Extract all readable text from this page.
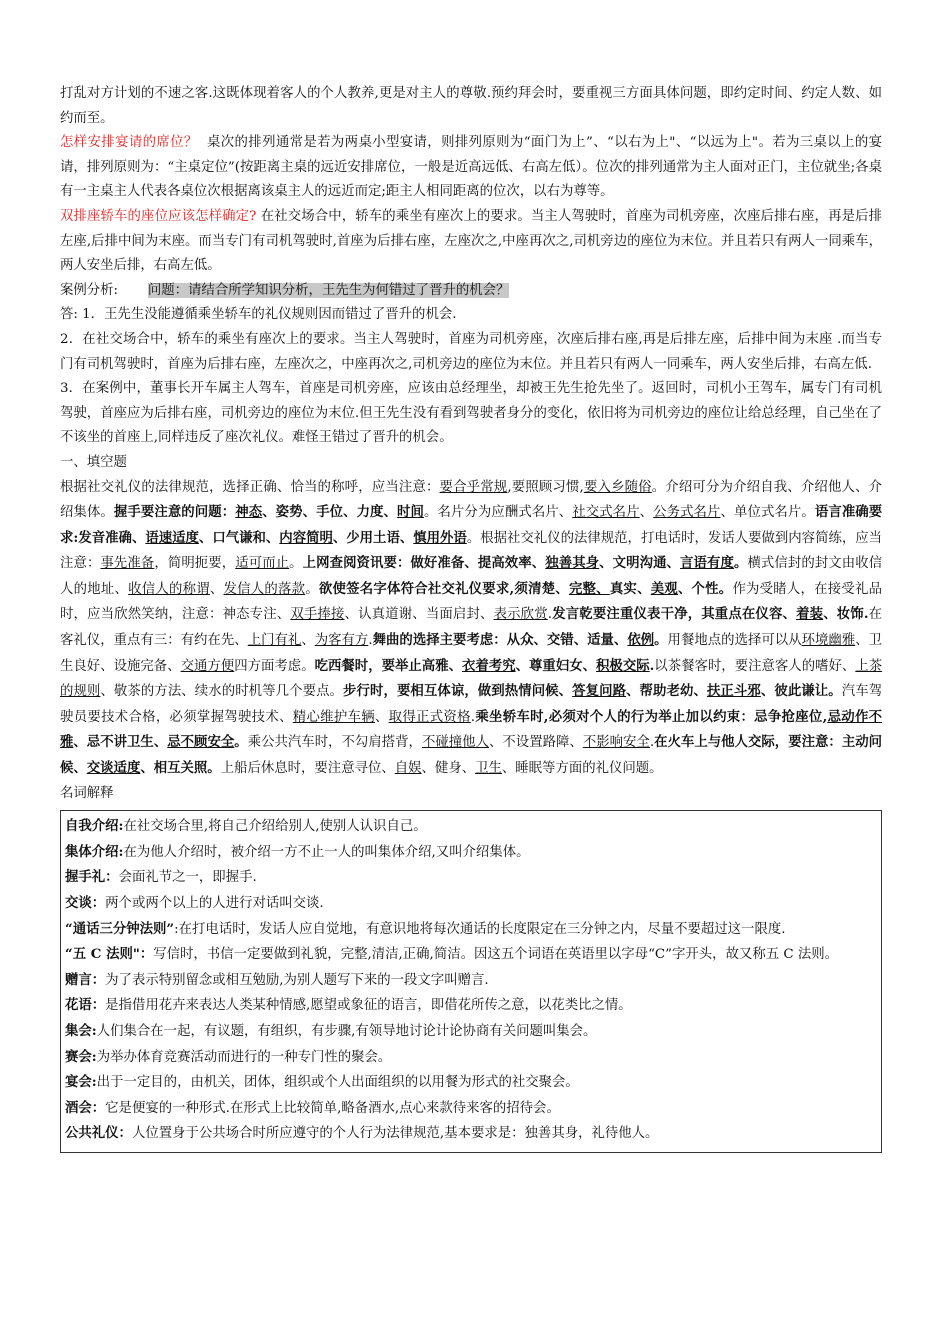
打乱对方计划的不速之客.这既体现着客人的个人教养,更是对主人的尊敬.预约拜会时，要重视三方面具体问题，即约定时间、约定人数、如约而至。

怎样安排宴请的席位？ 桌次的排列通常是若为两桌小型宴请，则排列原则为“面门为上”、“以右为上"、“以远为上"。若为三桌以上的宴请，排列原则为：“主桌定位”(按距离主桌的远近安排席位，一般是近高远低、右高左低）。位次的排列通常为主人面对正门，主位就坐;各桌有一主桌主人代表各桌位次根据离该桌主人的远近而定;距主人相同距离的位次，以右为尊等。

双排座轿车的座位应该怎样确定? 在社交场合中，轿车的乘坐有座次上的要求。当主人驾驶时，首座为司机旁座，次座后排右座，再是后排左座,后排中间为末座。而当专门有司机驾驶时,首座为后排右座，左座次之,中座再次之,司机旁边的座位为末位。并且若只有两人一同乘车，两人安坐后排，右高左低。

案例分析: 问题：请结合所学知识分析，王先生为何错过了晋升的机会？

答: 1．王先生没能遵循乘坐轿车的礼仪规则因而错过了晋升的机会.

2．在社交场合中，轿车的乘坐有座次上的要求。当主人驾驶时，首座为司机旁座，次座后排右座,再是后排左座，后排中间为末座 .而当专门有司机驾驶时，首座为后排右座，左座次之，中座再次之,司机旁边的座位为末位。并且若只有两人一同乘车，两人安坐后排，右高左低.

3．在案例中，董事长开车属主人驾车，首座是司机旁座，应该由总经理坐，却被王先生抢先坐了。返回时，司机小王驾车，属专门有司机驾驶，首座应为后排右座，司机旁边的座位为末位.但王先生没有看到驾驶者身分的变化，依旧将为司机旁边的座位让给总经理，自己坐在了不该坐的首座上,同样违反了座次礼仪。难怪王错过了晋升的机会。

一、填空题

根据社交礼仪的法律规范，选择正确、恰当的称呼，应当注意：要合乎常规,要照顾习惯,要入乡随俗。介绍可分为介绍自我、介绍他人、介绍集体。握手要注意的问题：神态、姿势、手位、力度、时间。名片分为应酬式名片、社交式名片、公务式名片、单位式名片。语言准确要求:发音准确、语速适度、口气谦和、内容简明、少用土语、慎用外语。根据社交礼仪的法律规范，打电话时，发话人要做到内容简练，应当注意：事先准备，简明扼要，适可而止。上网查阅资讯要：做好准备、提高效率、独善其身、文明沟通、言语有度。横式信封的封文由收信人的地址、收信人的称谓、发信人的落款。欲使签名字体符合社交礼仪要求,须清楚、完整、真实、美观、个性。作为受睹人，在接受礼品时，应当欣然笑纳，注意：神态专注、双手捧接、认真道谢、当面启封、表示欣赏.发言乾要注重仪表干净，其重点在仪容、着装、妆饰.在客礼仪，重点有三：有约在先、上门有礼、为客有方.舞曲的选择主要考虑：从众、交错、适量、依例。用餐地点的选择可以从环境幽雅、卫生良好、设施完备、交通方便四方面考虑。吃西餐时，要举止高雅、衣着考究、尊重妇女、积极交际.以茶餐客时，要注意客人的嗜好、上茶的规则、敬茶的方法、续水的时机等几个要点。步行时，要相互体谅，做到热情问候、答复问路、帮助老幼、扶正斗邪、彼此谦让。汽车驾驶员要技术合格，必须掌握驾驶技术、精心维护车辆、取得正式资格.乘坐轿车时,必须对个人的行为举止加以约束：忌争抢座位,忌动作不雅、忌不讲卫生、忌不顾安全。乘公共汽车时，不勾肩搭背，不碰撞他人、不设置路障、不影响安全.在火车上与他人交际，要注意：主动问候、交谈适度、相互关照。上船后休息时，要注意寻位、自娱、健身、卫生、睡眠等方面的礼仪问题。

名词解释

自我介绍:在社交场合里,将自己介绍给别人,使别人认识自己。

集体介绍:在为他人介绍时，被介绍一方不止一人的叫集体介绍,又叫介绍集体。

握手礼：会面礼节之一，即握手.

交谈：两个或两个以上的人进行对话叫交谈.

“通话三分钟法则”:在打电话时，发话人应自觉地，有意识地将每次通话的长度限定在三分钟之内，尽量不要超过这一限度.

“五 C 法则"：写信时，书信一定要做到礼貌，完整,清洁,正确,简洁。因这五个词语在英语里以字母“C”字开头，故又称五 C 法则。

赠言：为了表示特别留念或相互勉励,为别人题写下来的一段文字叫赠言.

花语：是指借用花卉来表达人类某种情感,愿望或象征的语言，即借花所传之意，以花类比之情。

集会:人们集合在一起，有议题，有组织，有步骤,有领导地讨论计论协商有关问题叫集会。

赛会:为举办体育竞赛活动而进行的一种专门性的聚会。

宴会:出于一定目的，由机关，团体，组织或个人出面组织的以用餐为形式的社交聚会。

酒会：它是便宴的一种形式.在形式上比较简单,略备酒水,点心来款待来客的招待会。

公共礼仪：人位置身于公共场合时所应遵守的个人行为法律规范,基本要求是：独善其身，礼待他人。
